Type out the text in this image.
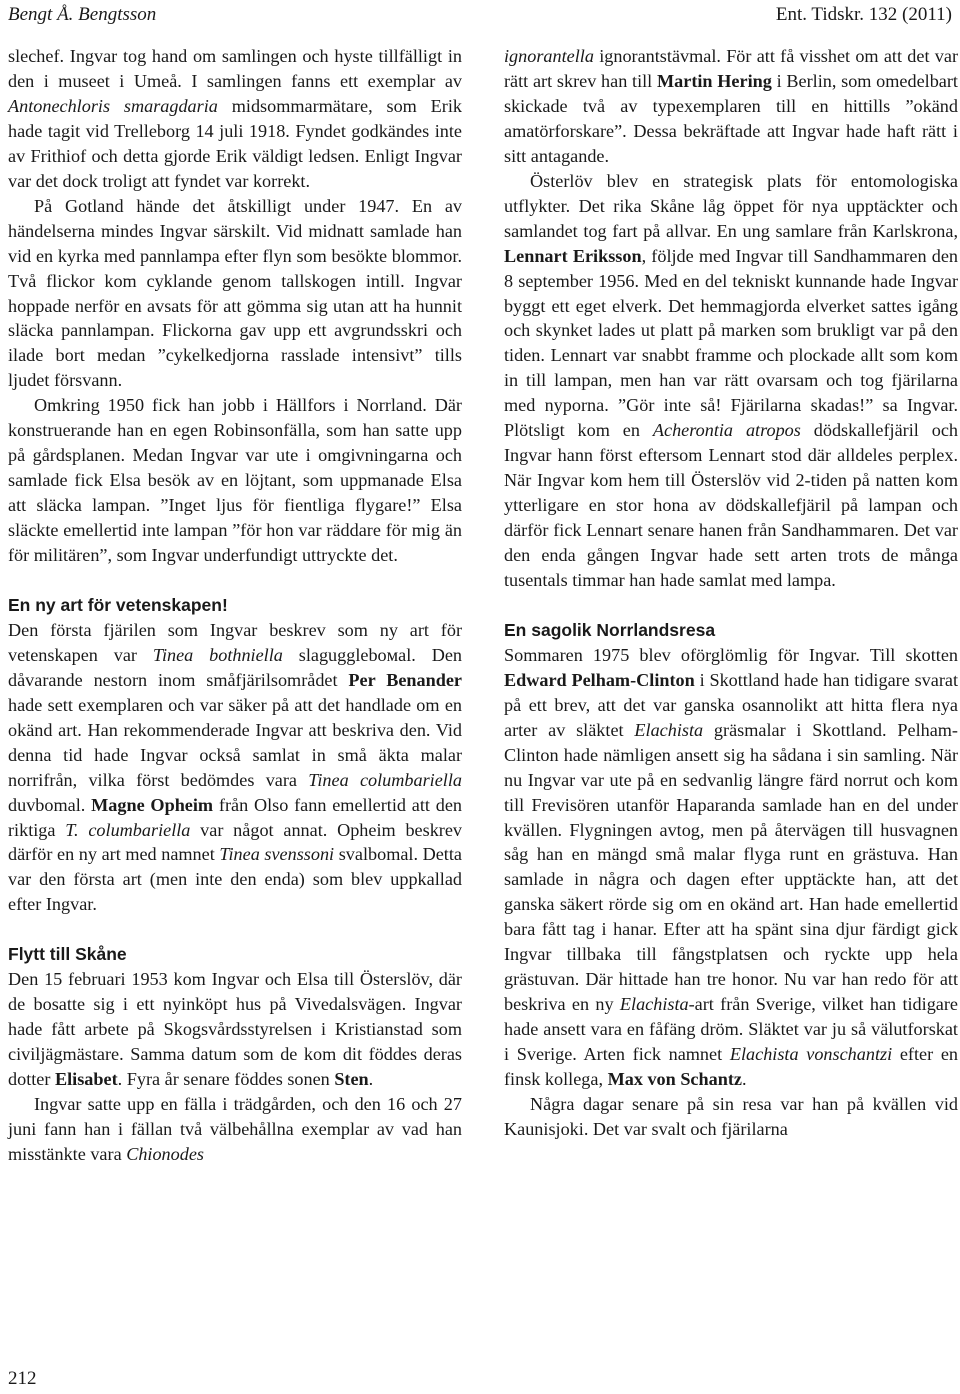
Bengt Å. Bengtsson	Ent. Tidskr. 132 (2011)

slechef. Ingvar tog hand om samlingen och hyste tillfälligt in den i museet i Umeå. I samlingen fanns ett exemplar av Antonechloris smaragdaria midsommarmätare, som Erik hade tagit vid Trelleborg 14 juli 1918. Fyndet godkändes inte av Frithiof och detta gjorde Erik väldigt ledsen. Enligt Ingvar var det dock troligt att fyndet var korrekt.

På Gotland hände det åtskilligt under 1947. En av händelserna mindes Ingvar särskilt. Vid midnatt samlade han vid en kyrka med pannlampa efter flyn som besökte blommor. Två flickor kom cyklande genom tallskogen intill. Ingvar hoppade nerför en avsats för att gömma sig utan att ha hunnit släcka pannlampan. Flickorna gav upp ett avgrundsskri och ilade bort medan ”cykelkedjorna rasslade intensivt” tills ljudet försvann.

Omkring 1950 fick han jobb i Hällfors i Norrland. Där konstruerande han en egen Robinsonfälla, som han satte upp på gårdsplanen. Medan Ingvar var ute i omgivningarna och samlade fick Elsa besök av en löjtant, som uppmanade Elsa att släcka lampan. ”Inget ljus för fientliga flygare!” Elsa släckte emellertid inte lampan ”för hon var räddare för mig än för militären”, som Ingvar underfundigt uttryckte det.

En ny art för vetenskapen!

Den första fjärilen som Ingvar beskrev som ny art för vetenskapen var Tinea bothniella slaguggleboмal. Den dåvarande nestorn inom småfjärilsområdet Per Benander hade sett exemplaren och var säker på att det handlade om en okänd art. Han rekommenderade Ingvar att beskriva den. Vid denna tid hade Ingvar också samlat in små äkta malar norrifrån, vilka först bedömdes vara Tinea columbariella duvbomal. Magne Opheim från Olso fann emellertid att den riktiga T. columbariella var något annat. Opheim beskrev därför en ny art med namnet Tinea svenssoni svalbomal. Detta var den första art (men inte den enda) som blev uppkallad efter Ingvar.

Flytt till Skåne

Den 15 februari 1953 kom Ingvar och Elsa till Österslöv, där de bosatte sig i ett nyinköpt hus på Vivedalsvägen. Ingvar hade fått arbete på Skogsvårdsstyrelsen i Kristianstad som civiljägmästare. Samma datum som de kom dit föddes deras dotter Elisabet. Fyra år senare föddes sonen Sten.

Ingvar satte upp en fälla i trädgården, och den 16 och 27 juni fann han i fällan två välbehållna exemplar av vad han misstänkte vara Chionodes

ignorantella ignorantstävmal. För att få visshet om att det var rätt art skrev han till Martin Hering i Berlin, som omedelbart skickade två av typexemplaren till en hittills ”okänd amatörforskare”. Dessa bekräftade att Ingvar hade haft rätt i sitt antagande.

Österlöv blev en strategisk plats för entomologiska utflykter. Det rika Skåne låg öppet för nya upptäckter och samlandet tog fart på allvar. En ung samlare från Karlskrona, Lennart Eriksson, följde med Ingvar till Sandhammaren den 8 september 1956. Med en del tekniskt kunnande hade Ingvar byggt ett eget elverk. Det hemmagjorda elverket sattes igång och skynket lades ut platt på marken som brukligt var på den tiden. Lennart var snabbt framme och plockade allt som kom in till lampan, men han var rätt ovarsam och tog fjärilarna med nyporna. ”Gör inte så! Fjärilarna skadas!” sa Ingvar. Plötsligt kom en Acherontia atropos dödskallefjäril och Ingvar hann först eftersom Lennart stod där alldeles perplex. När Ingvar kom hem till Österslöv vid 2-tiden på natten kom ytterligare en stor hona av dödskallefjäril på lampan och därför fick Lennart senare hanen från Sandhammaren. Det var den enda gången Ingvar hade sett arten trots de många tusentals timmar han hade samlat med lampa.

En sagolik Norrlandsresa

Sommaren 1975 blev oförglömlig för Ingvar. Till skotten Edward Pelham-Clinton i Skottland hade han tidigare svarat på ett brev, att det var ganska osannolikt att hitta flera nya arter av släktet Elachista gräsmalar i Skottland. Pelham-Clinton hade nämligen ansett sig ha sådana i sin samling. När nu Ingvar var ute på en sedvanlig längre färd norrut och kom till Frevisören utanför Haparanda samlade han en del under kvällen. Flygningen avtog, men på återvägen till husvagnen såg han en mängd små malar flyga runt en grästuva. Han samlade in några och dagen efter upptäckte han, att det ganska säkert rörde sig om en okänd art. Han hade emellertid bara fått tag i hanar. Efter att ha spänt sina djur färdigt gick Ingvar tillbaka till fångstplatsen och ryckte upp hela grästuvan. Där hittade han tre honor. Nu var han redo för att beskriva en ny Elachista-art från Sverige, vilket han tidigare hade ansett vara en fåfäng dröm. Släktet var ju så välutforskat i Sverige. Arten fick namnet Elachista vonschantzi efter en finsk kollega, Max von Schantz.

Några dagar senare på sin resa var han på kvällen vid Kaunisjoki. Det var svalt och fjärilarna

212
